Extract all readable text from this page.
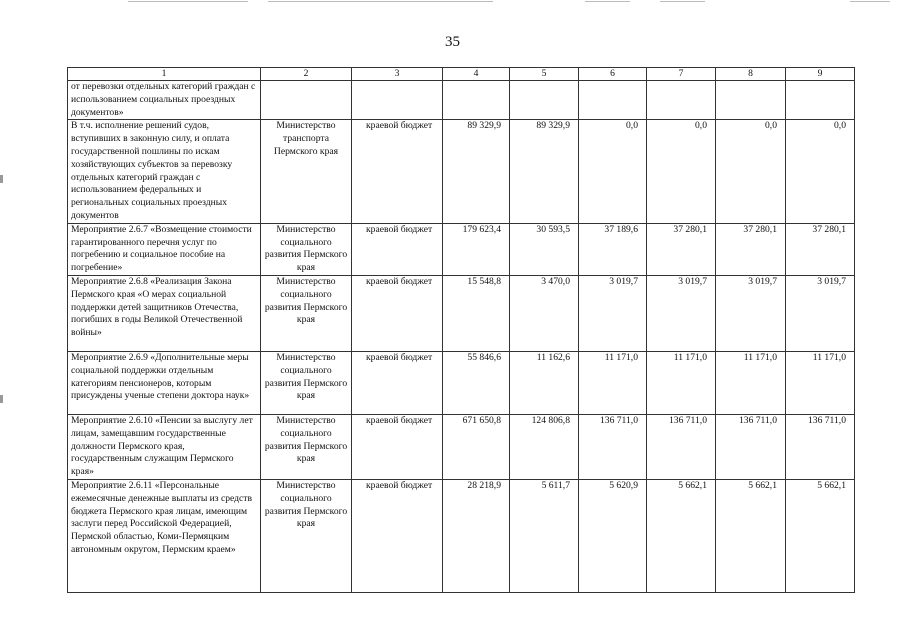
35
1	2	3	4	5	6	7	8	9
от перевозки отдельных категорий граждан с использованием социальных проездных документов»								
В т.ч. исполнение решений судов, вступивших в законную силу, и оплата государственной пошлины по искам хозяйствующих субъектов за перевозку отдельных категорий граждан с использованием федеральных и региональных социальных проездных документов	Министерство транспорта Пермского края	краевой бюджет	89 329,9	89 329,9	0,0	0,0	0,0	0,0
Мероприятие 2.6.7 «Возмещение стоимости гарантированного перечня услуг по погребению и социальное пособие на погребение»	Министерство социального развития Пермского края	краевой бюджет	179 623,4	30 593,5	37 189,6	37 280,1	37 280,1	37 280,1
Мероприятие 2.6.8 «Реализация Закона Пермского края «О мерах социальной поддержки детей защитников Отечества, погибших в годы Великой Отечественной войны»	Министерство социального развития Пермского края	краевой бюджет	15 548,8	3 470,0	3 019,7	3 019,7	3 019,7	3 019,7
Мероприятие 2.6.9 «Дополнительные меры социальной поддержки отдельным категориям пенсионеров, которым присуждены ученые степени доктора наук»	Министерство социального развития Пермского края	краевой бюджет	55 846,6	11 162,6	11 171,0	11 171,0	11 171,0	11 171,0
Мероприятие 2.6.10 «Пенсии за выслугу лет лицам, замещавшим государственные должности Пермского края, государственным служащим Пермского края»	Министерство социального развития Пермского края	краевой бюджет	671 650,8	124 806,8	136 711,0	136 711,0	136 711,0	136 711,0
Мероприятие 2.6.11 «Персональные ежемесячные денежные выплаты из средств бюджета Пермского края лицам, имеющим заслуги перед Российской Федерацией, Пермской областью, Коми-Пермяцким автономным округом, Пермским краем»	Министерство социального развития Пермского края	краевой бюджет	28 218,9	5 611,7	5 620,9	5 662,1	5 662,1	5 662,1
